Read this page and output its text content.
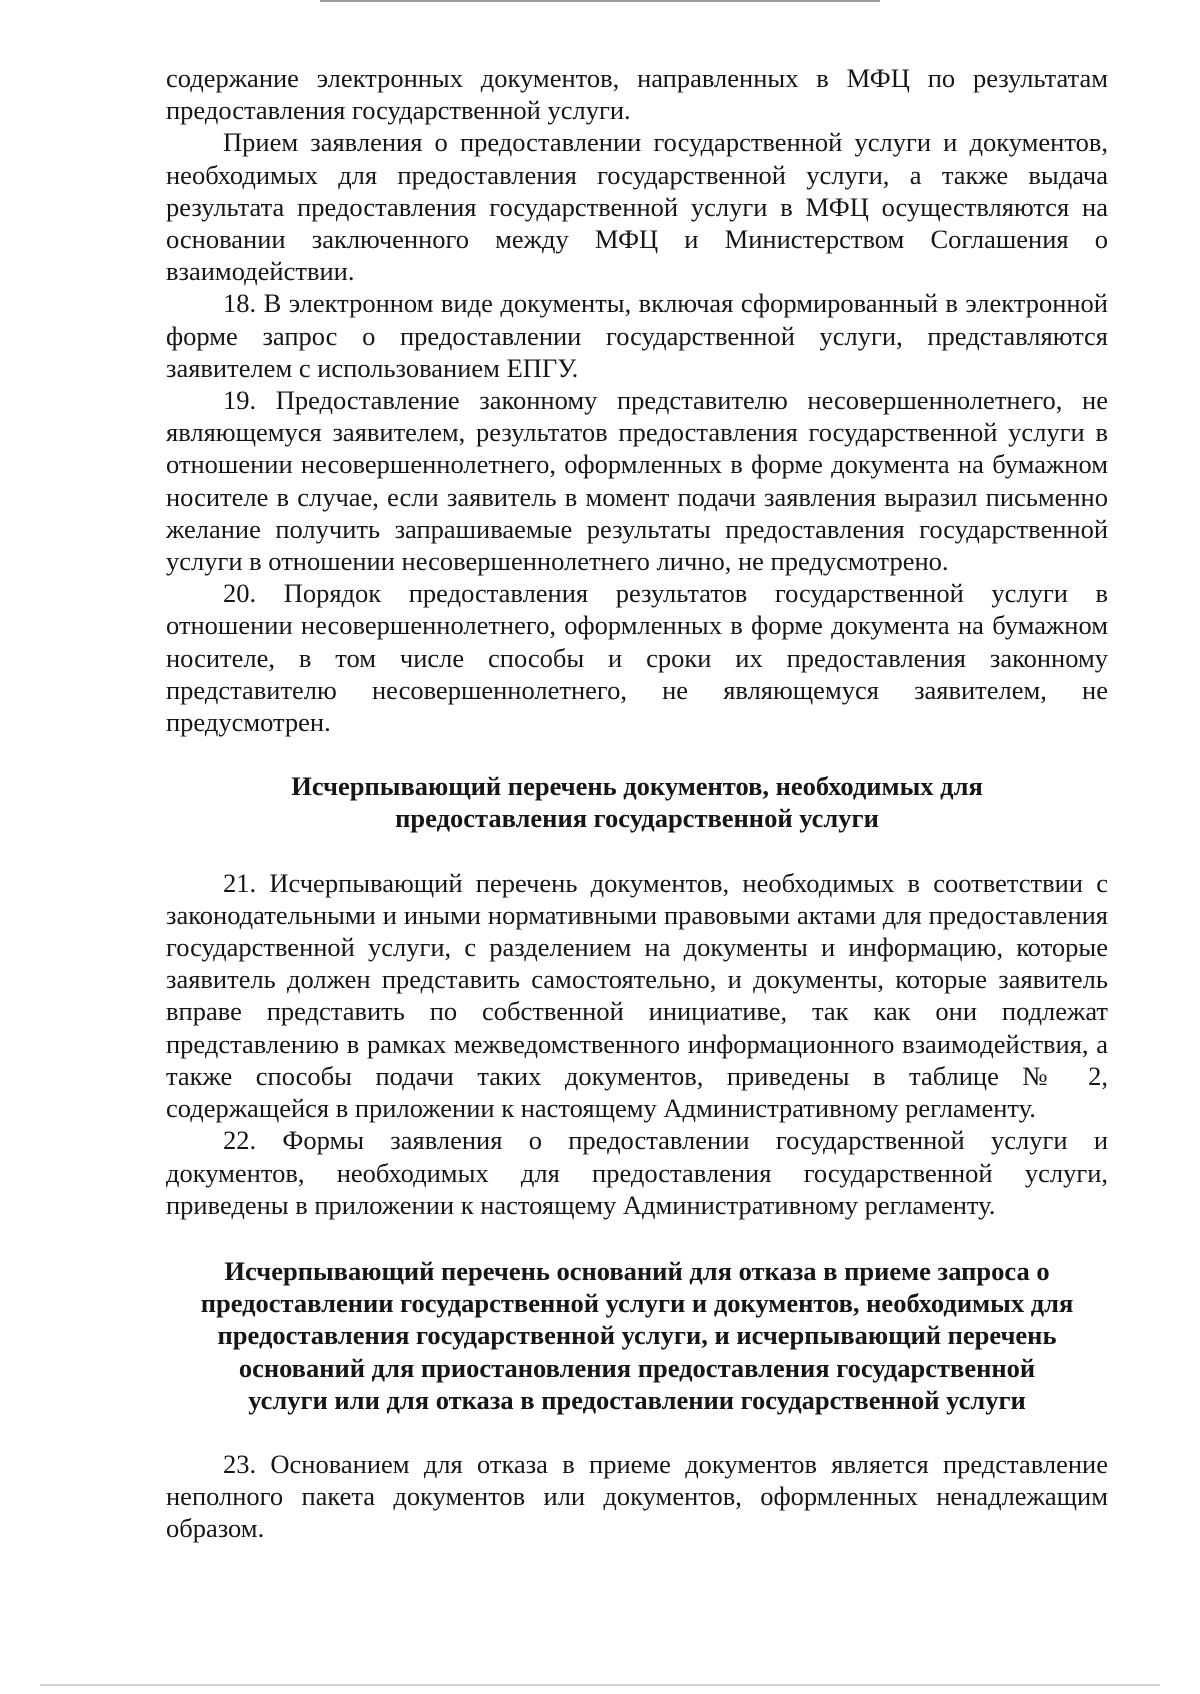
содержание электронных документов, направленных в МФЦ по результатам предоставления государственной услуги.

Прием заявления о предоставлении государственной услуги и документов, необходимых для предоставления государственной услуги, а также выдача результата предоставления государственной услуги в МФЦ осуществляются на основании заключенного между МФЦ и Министерством Соглашения о взаимодействии.

18. В электронном виде документы, включая сформированный в электронной форме запрос о предоставлении государственной услуги, представляются заявителем с использованием ЕПГУ.

19. Предоставление законному представителю несовершеннолетнего, не являющемуся заявителем, результатов предоставления государственной услуги в отношении несовершеннолетнего, оформленных в форме документа на бумажном носителе в случае, если заявитель в момент подачи заявления выразил письменно желание получить запрашиваемые результаты предоставления государственной услуги в отношении несовершеннолетнего лично, не предусмотрено.

20. Порядок предоставления результатов государственной услуги в отношении несовершеннолетнего, оформленных в форме документа на бумажном носителе, в том числе способы и сроки их предоставления законному представителю несовершеннолетнего, не являющемуся заявителем, не предусмотрен.

Исчерпывающий перечень документов, необходимых для
предоставления государственной услуги

21. Исчерпывающий перечень документов, необходимых в соответствии с законодательными и иными нормативными правовыми актами для предоставления государственной услуги, с разделением на документы и информацию, которые заявитель должен представить самостоятельно, и документы, которые заявитель вправе представить по собственной инициативе, так как они подлежат представлению в рамках межведомственного информационного взаимодействия, а также способы подачи таких документов, приведены в таблице № 2, содержащейся в приложении к настоящему Административному регламенту.

22. Формы заявления о предоставлении государственной услуги и документов, необходимых для предоставления государственной услуги, приведены в приложении к настоящему Административному регламенту.

Исчерпывающий перечень оснований для отказа в приеме запроса о
предоставлении государственной услуги и документов, необходимых для
предоставления государственной услуги, и исчерпывающий перечень
оснований для приостановления предоставления государственной
услуги или для отказа в предоставлении государственной услуги

23. Основанием для отказа в приеме документов является представление неполного пакета документов или документов, оформленных ненадлежащим образом.
